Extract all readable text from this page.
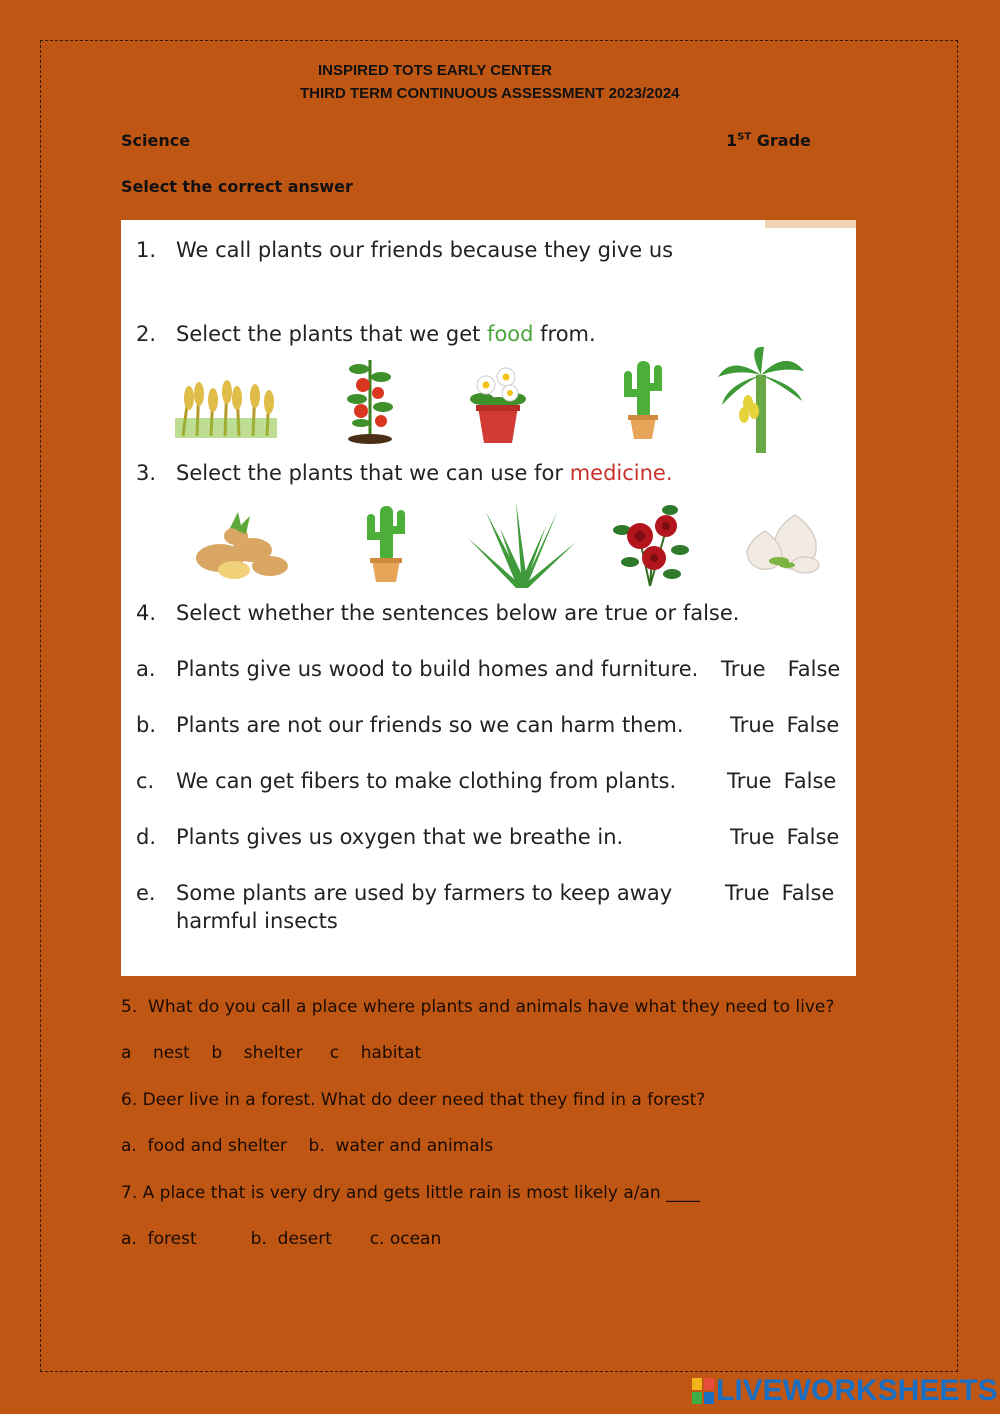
INSPIRED TOTS EARLY CENTER
THIRD TERM CONTINUOUS ASSESSMENT 2023/2024
Science	1ST Grade
Select the correct answer
1. We call plants our friends because they give us
2. Select the plants that we get food from.
3. Select the plants that we can use for medicine.
4. Select whether the sentences below are true or false.
a. Plants give us wood to build homes and furniture.	True False
b. Plants are not our friends so we can harm them.	True False
c. We can get fibers to make clothing from plants.	True False
d. Plants gives us oxygen that we breathe in.	True False
e. Some plants are used by farmers to keep away
harmful insects
True False
5.  What do you call a place where plants and animals have what they need to live?
a    nest    b    shelter     c    habitat
6. Deer live in a forest. What do deer need that they find in a forest?
a.  food and shelter    b.  water and animals
7. A place that is very dry and gets little rain is most likely a/an ____
a.  forest          b.  desert       c. ocean
LIVEWORKSHEETS
